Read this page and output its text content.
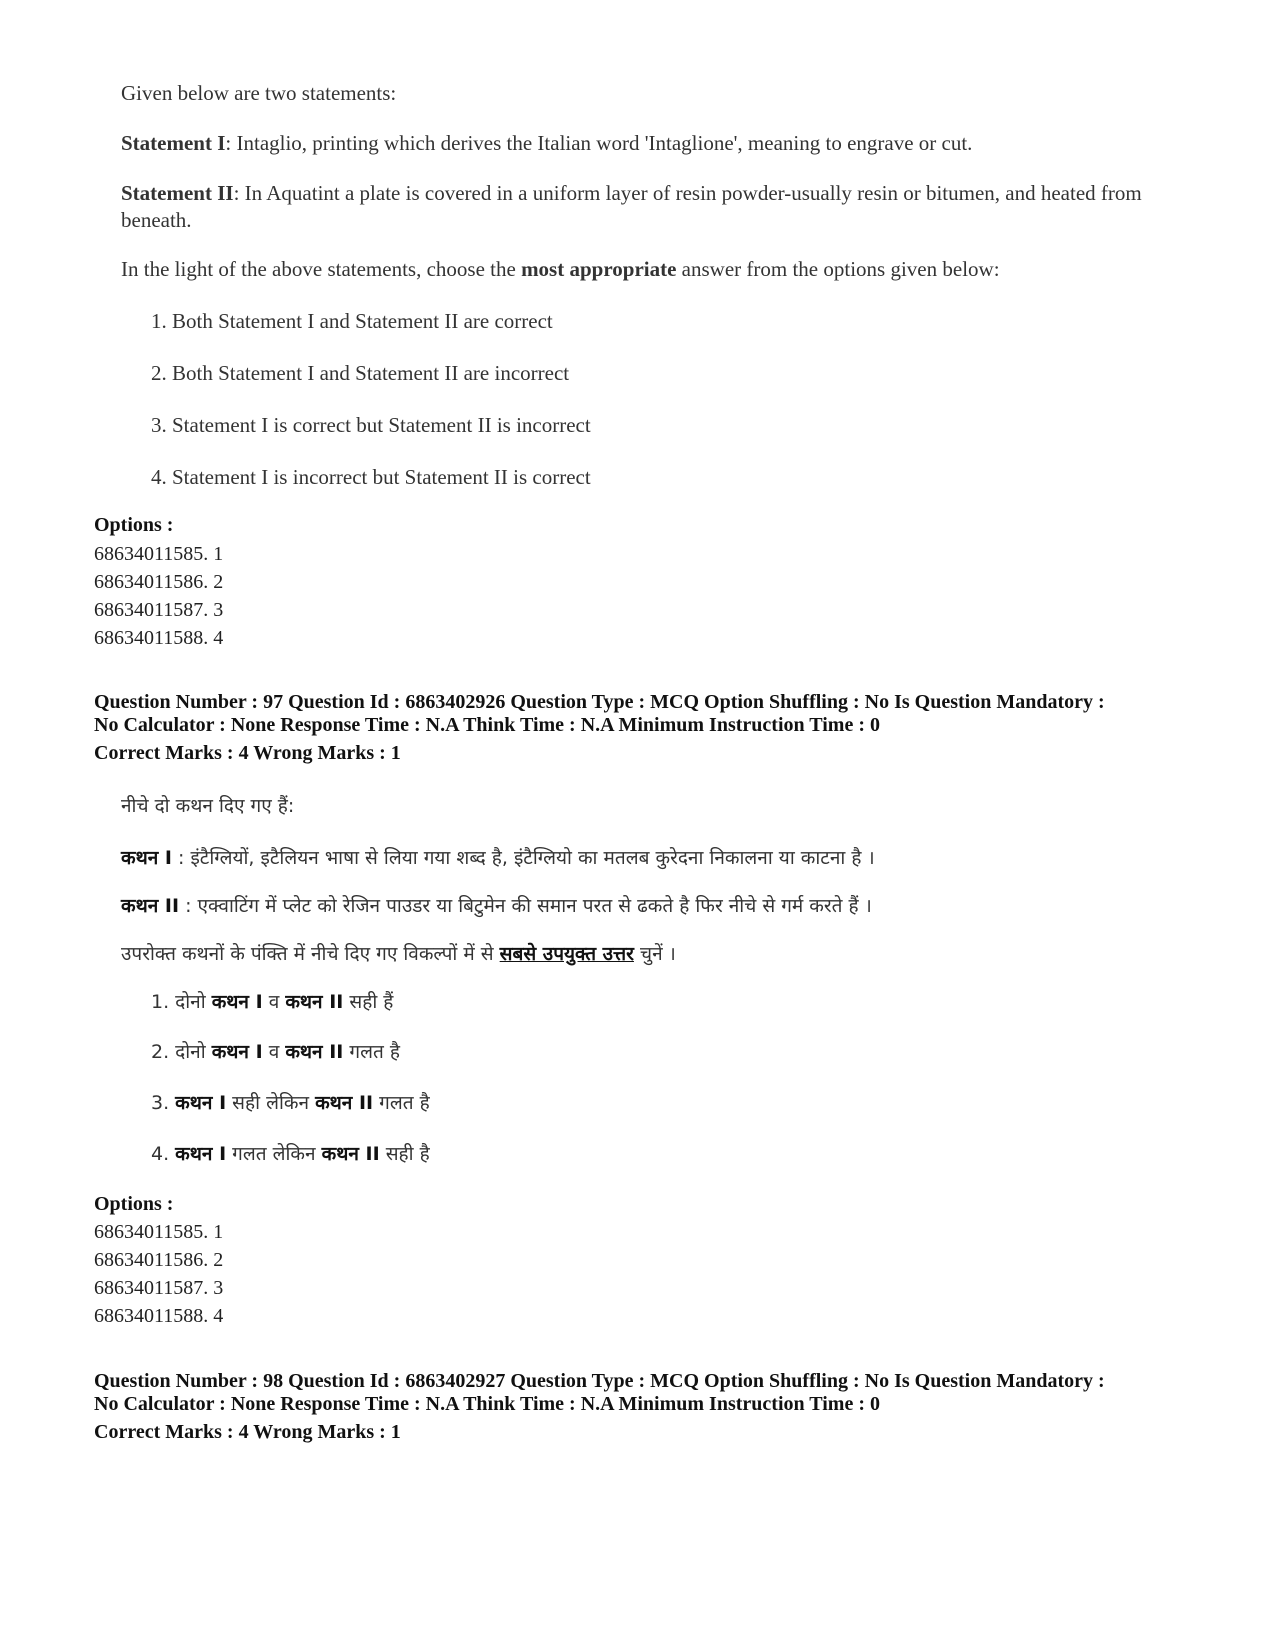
Given below are two statements:
Statement I: Intaglio, printing which derives the Italian word 'Intaglione', meaning to engrave or cut.
Statement II: In Aquatint a plate is covered in a uniform layer of resin powder-usually resin or bitumen, and heated from beneath.
In the light of the above statements, choose the most appropriate answer from the options given below:
1. Both Statement I and Statement II are correct
2. Both Statement I and Statement II are incorrect
3. Statement I is correct but Statement II is incorrect
4. Statement I is incorrect but Statement II is correct
Options :
68634011585. 1
68634011586. 2
68634011587. 3
68634011588. 4
Question Number : 97 Question Id : 6863402926 Question Type : MCQ Option Shuffling : No Is Question Mandatory :
No Calculator : None Response Time : N.A Think Time : N.A Minimum Instruction Time : 0
Correct Marks : 4 Wrong Marks : 1
नीचे दो कथन दिए गए हैं:
कथन I : इंटैग्लियों, इटैलियन भाषा से लिया गया शब्द है, इंटैग्लियो का मतलब कुरेदना निकालना या काटना है ।
कथन II : एक्वाटिंग में प्लेट को रेजिन पाउडर या बिटुमेन की समान परत से ढकते है फिर नीचे से गर्म करते हैं ।
उपरोक्त कथनों के पंक्ति में नीचे दिए गए विकल्पों में से सबसे उपयुक्त उत्तर चुनें ।
1. दोनो कथन I व कथन II सही हैं
2. दोनो कथन I व कथन II गलत है
3. कथन I सही लेकिन कथन II गलत है
4. कथन I गलत लेकिन कथन II सही है
Options :
68634011585. 1
68634011586. 2
68634011587. 3
68634011588. 4
Question Number : 98 Question Id : 6863402927 Question Type : MCQ Option Shuffling : No Is Question Mandatory :
No Calculator : None Response Time : N.A Think Time : N.A Minimum Instruction Time : 0
Correct Marks : 4 Wrong Marks : 1
